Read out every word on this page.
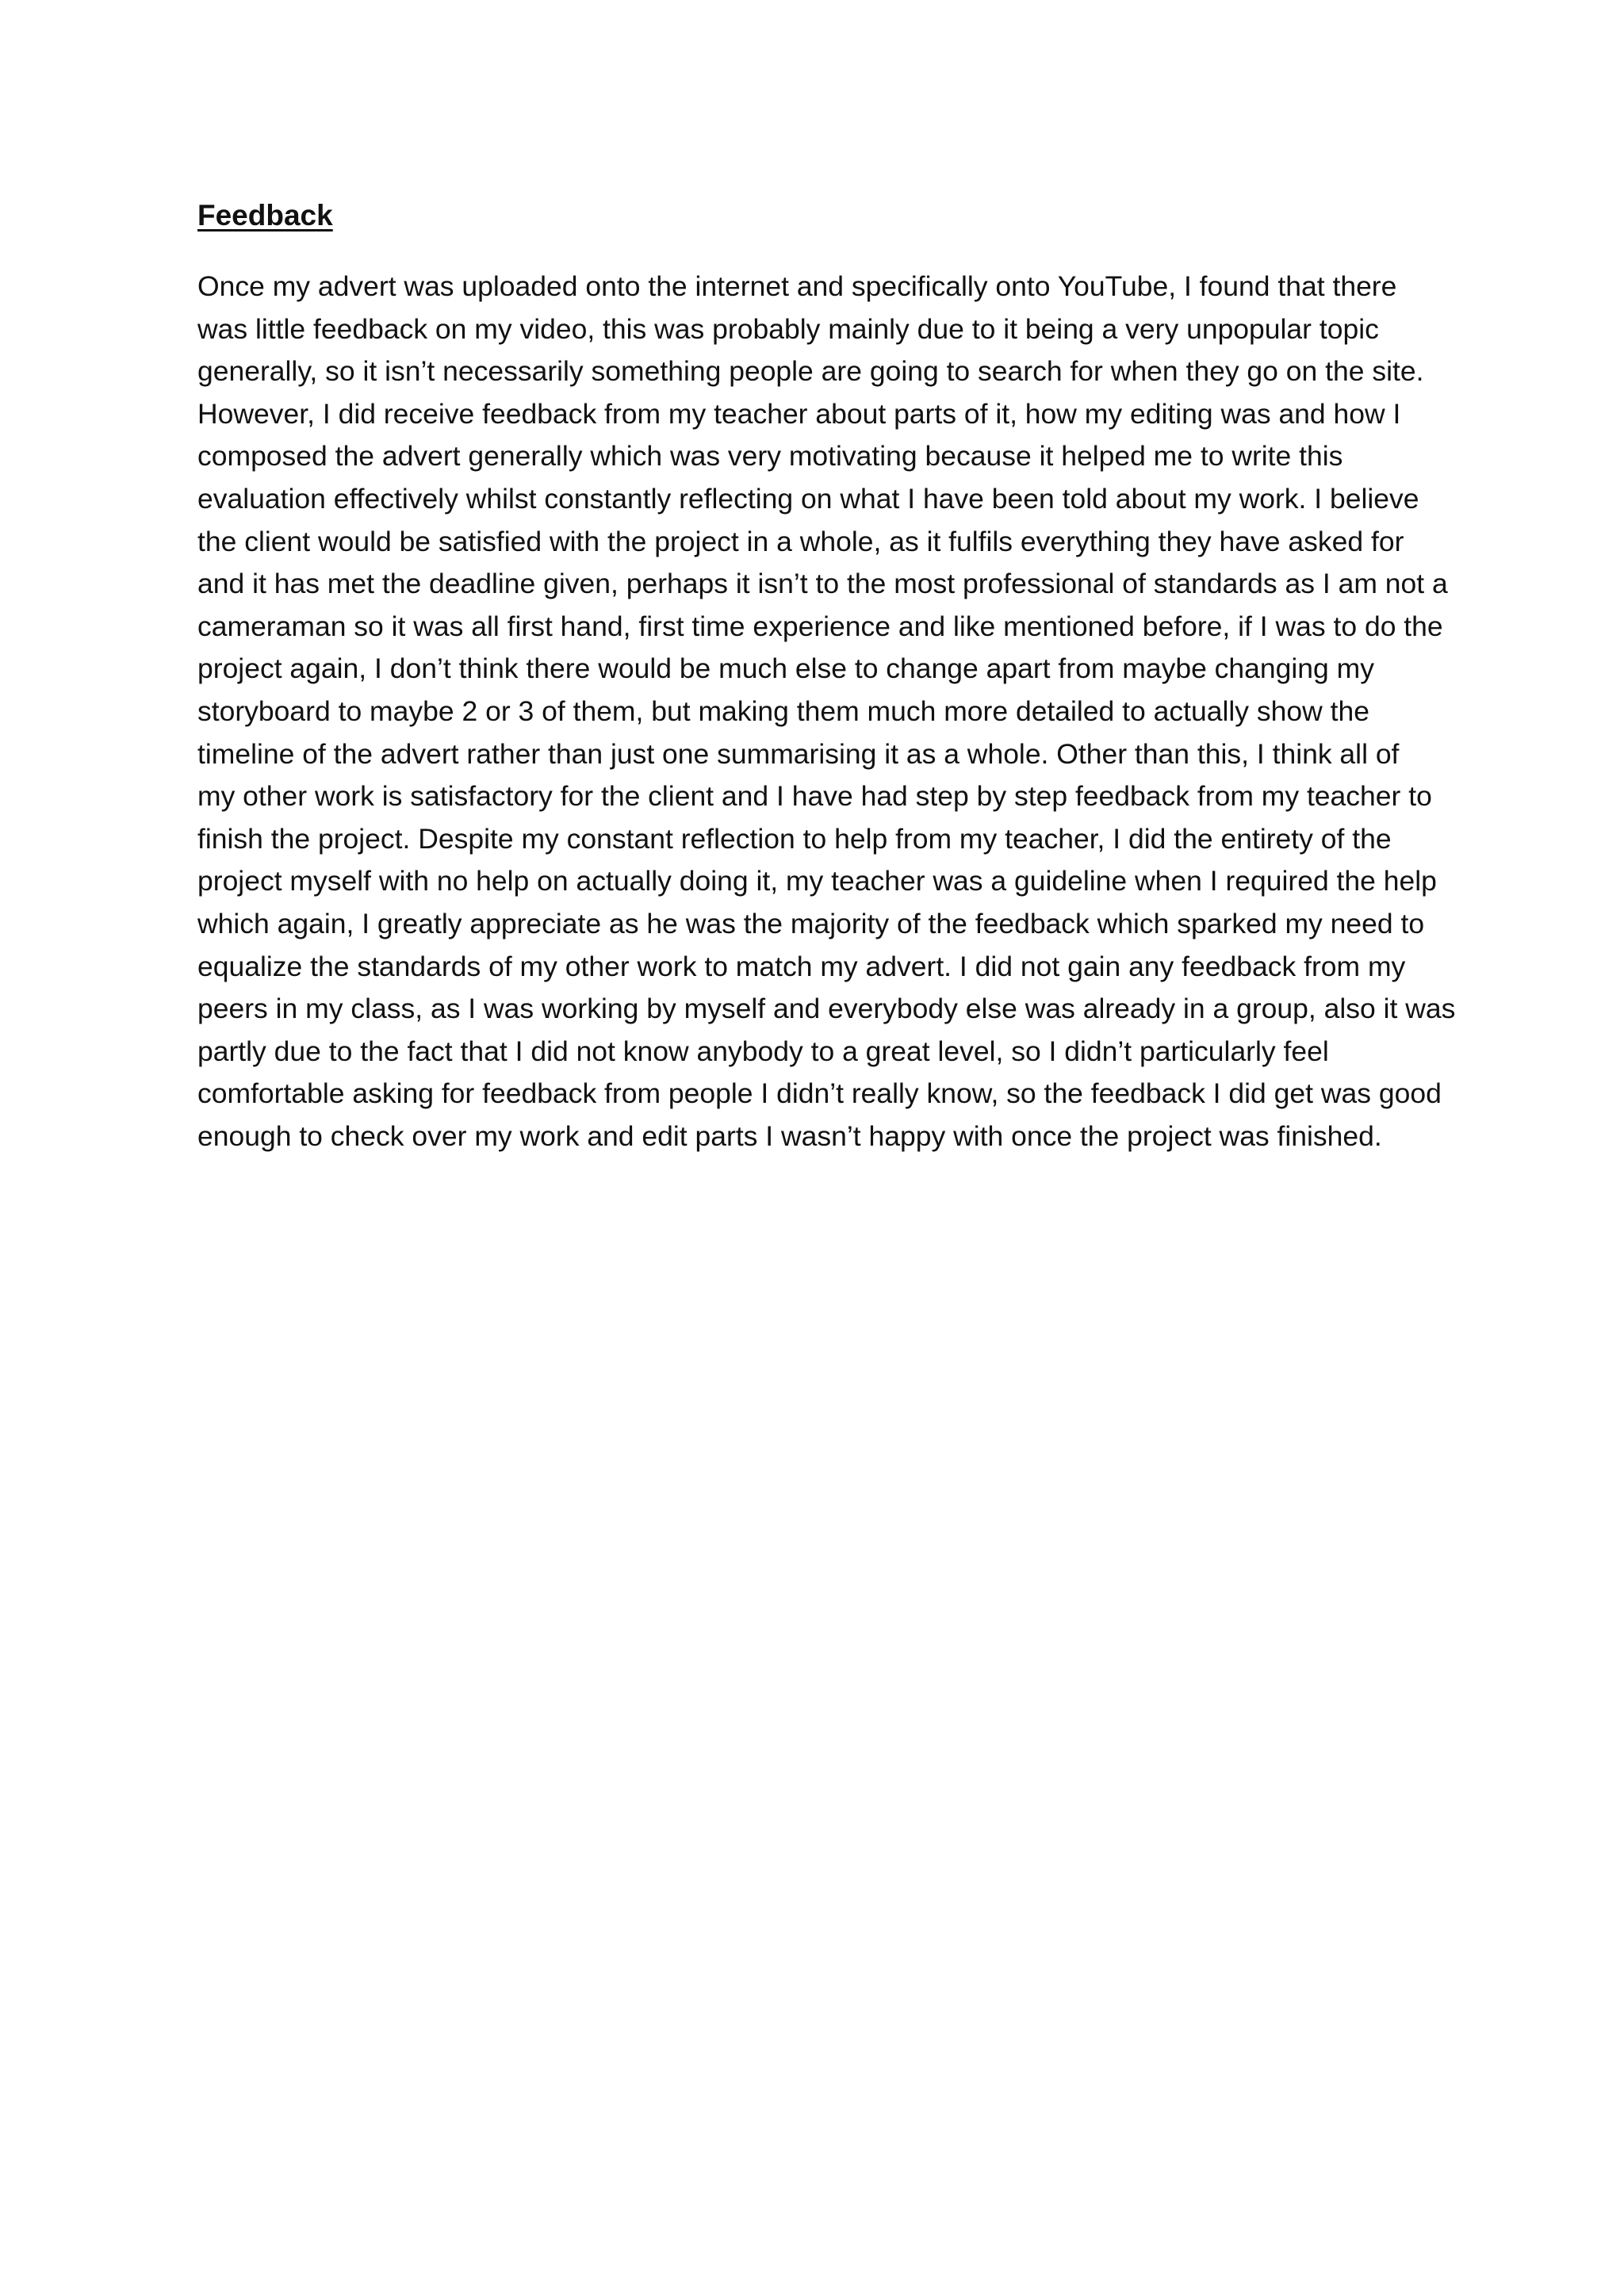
Feedback
Once my advert was uploaded onto the internet and specifically onto YouTube, I found that there
was little feedback on my video, this was probably mainly due to it being a very unpopular topic
generally, so it isn’t necessarily something people are going to search for when they go on the site.
However, I did receive feedback from my teacher about parts of it, how my editing was and how I
composed the advert generally which was very motivating because it helped me to write this
evaluation effectively whilst constantly reflecting on what I have been told about my work. I believe
the client would be satisfied with the project in a whole, as it fulfils everything they have asked for
and it has met the deadline given, perhaps it isn’t to the most professional of standards as I am not a
cameraman so it was all first hand, first time experience and like mentioned before, if I was to do the
project again, I don’t think there would be much else to change apart from maybe changing my
storyboard to maybe 2 or 3 of them, but making them much more detailed to actually show the
timeline of the advert rather than just one summarising it as a whole. Other than this, I think all of
my other work is satisfactory for the client and I have had step by step feedback from my teacher to
finish the project. Despite my constant reflection to help from my teacher, I did the entirety of the
project myself with no help on actually doing it, my teacher was a guideline when I required the help
which again, I greatly appreciate as he was the majority of the feedback which sparked my need to
equalize the standards of my other work to match my advert. I did not gain any feedback from my
peers in my class, as I was working by myself and everybody else was already in a group, also it was
partly due to the fact that I did not know anybody to a great level, so I didn’t particularly feel
comfortable asking for feedback from people I didn’t really know, so the feedback I did get was good
enough to check over my work and edit parts I wasn’t happy with once the project was finished.
